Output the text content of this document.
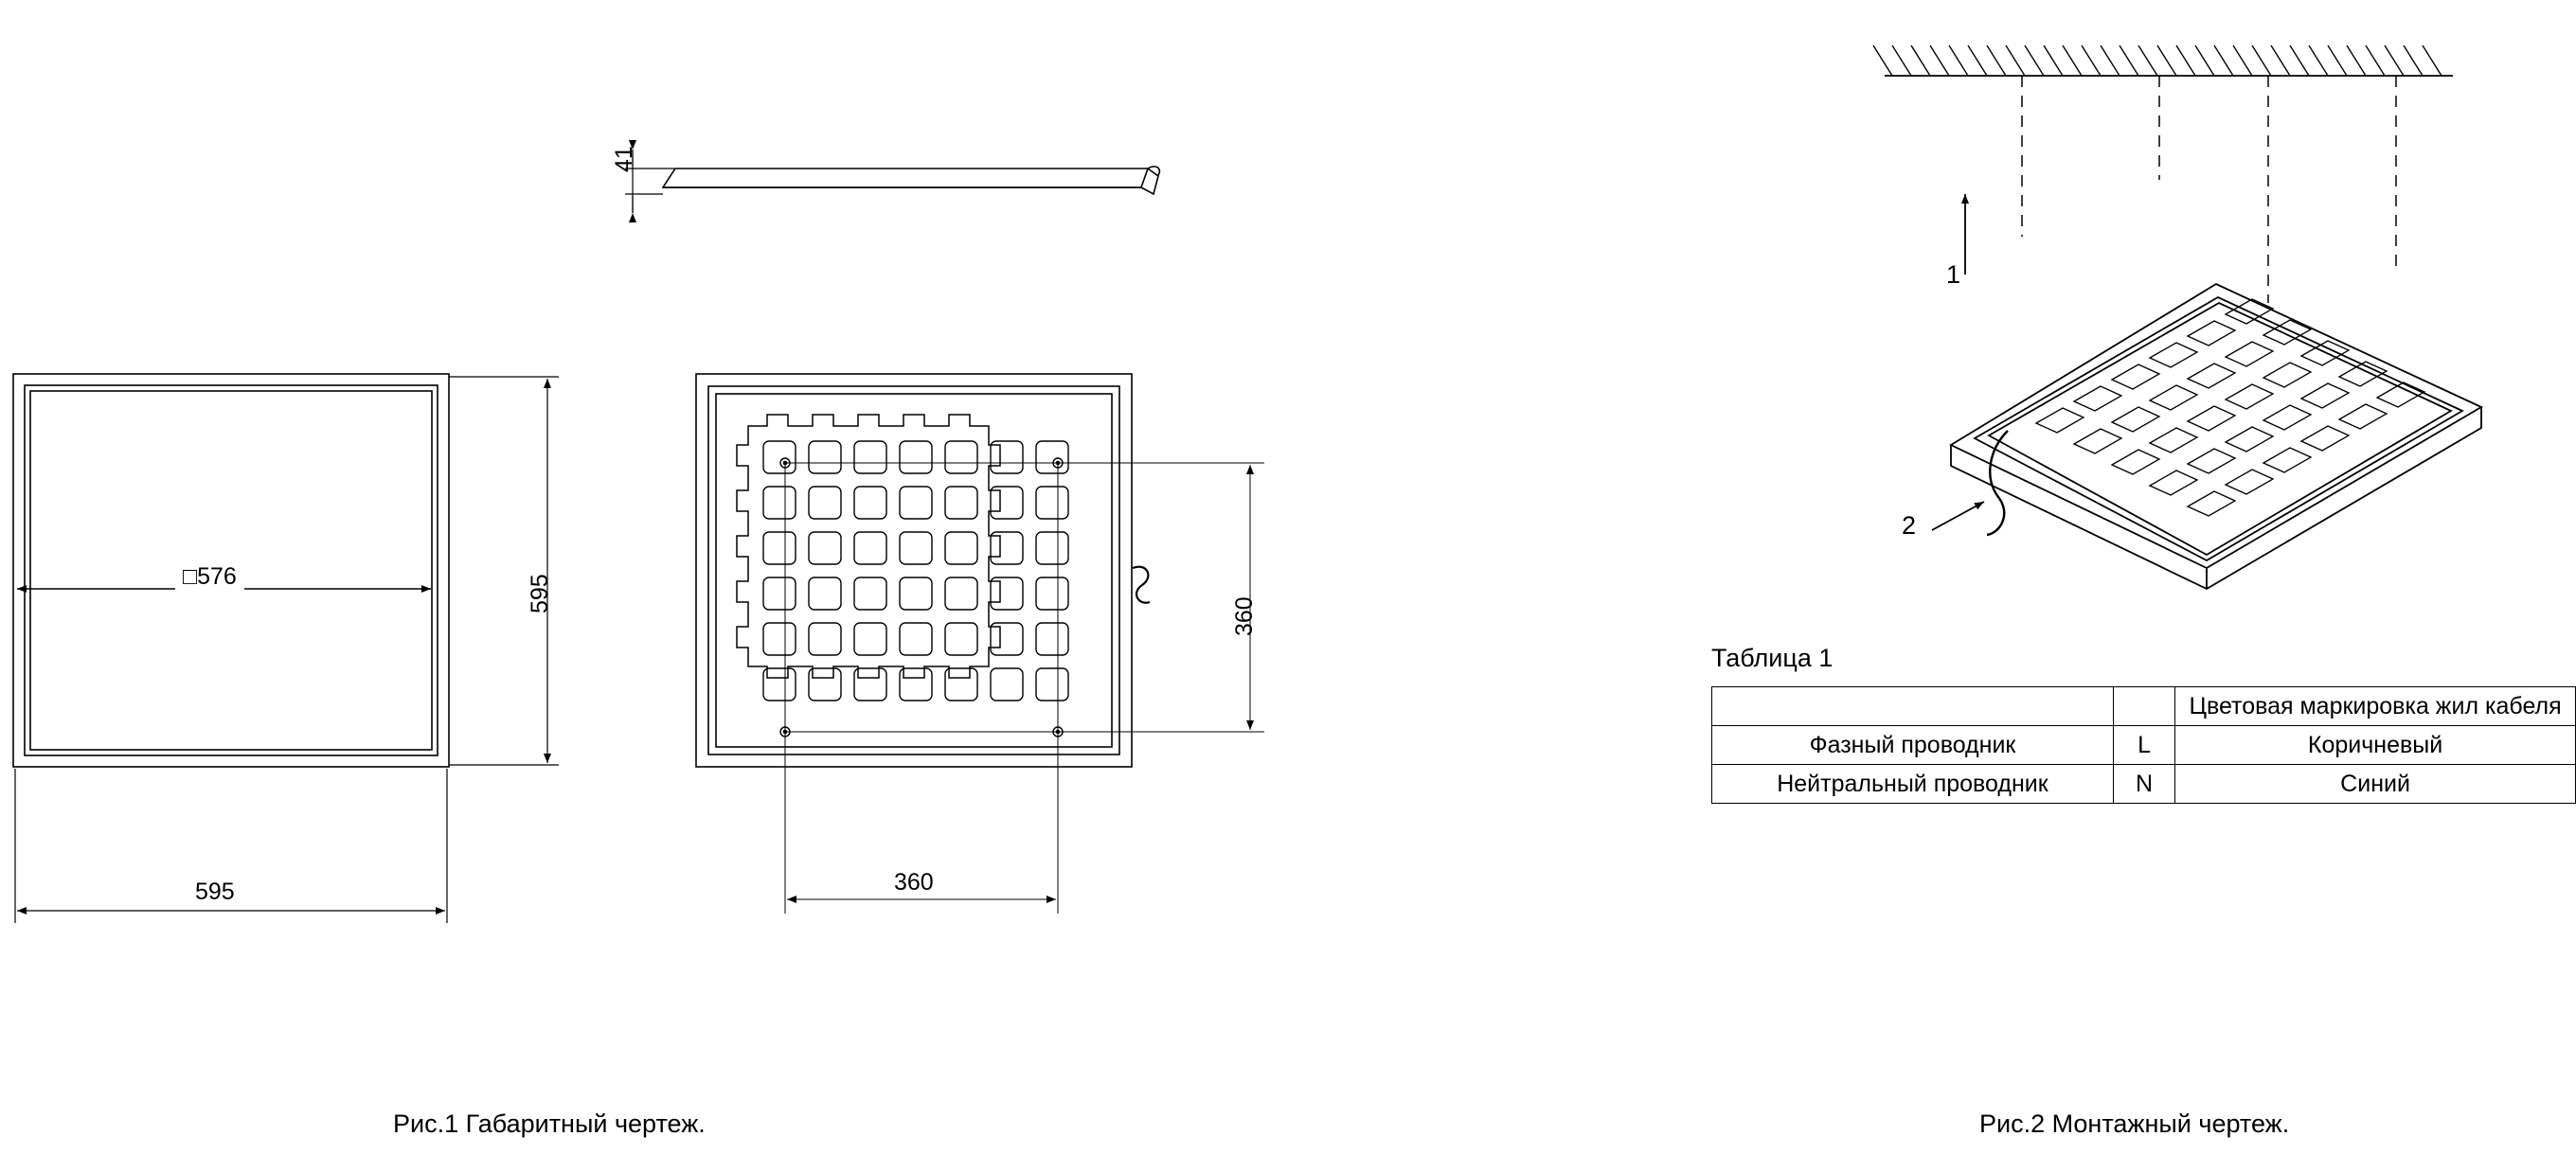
41
□576	595
595
360
360
1
2
Таблица 1
		Цветовая маркировка жил кабеля
Фазный проводник	L	Коричневый
Нейтральный проводник	N	Синий
Рис.1 Габаритный чертеж.	Рис.2 Монтажный чертеж.
